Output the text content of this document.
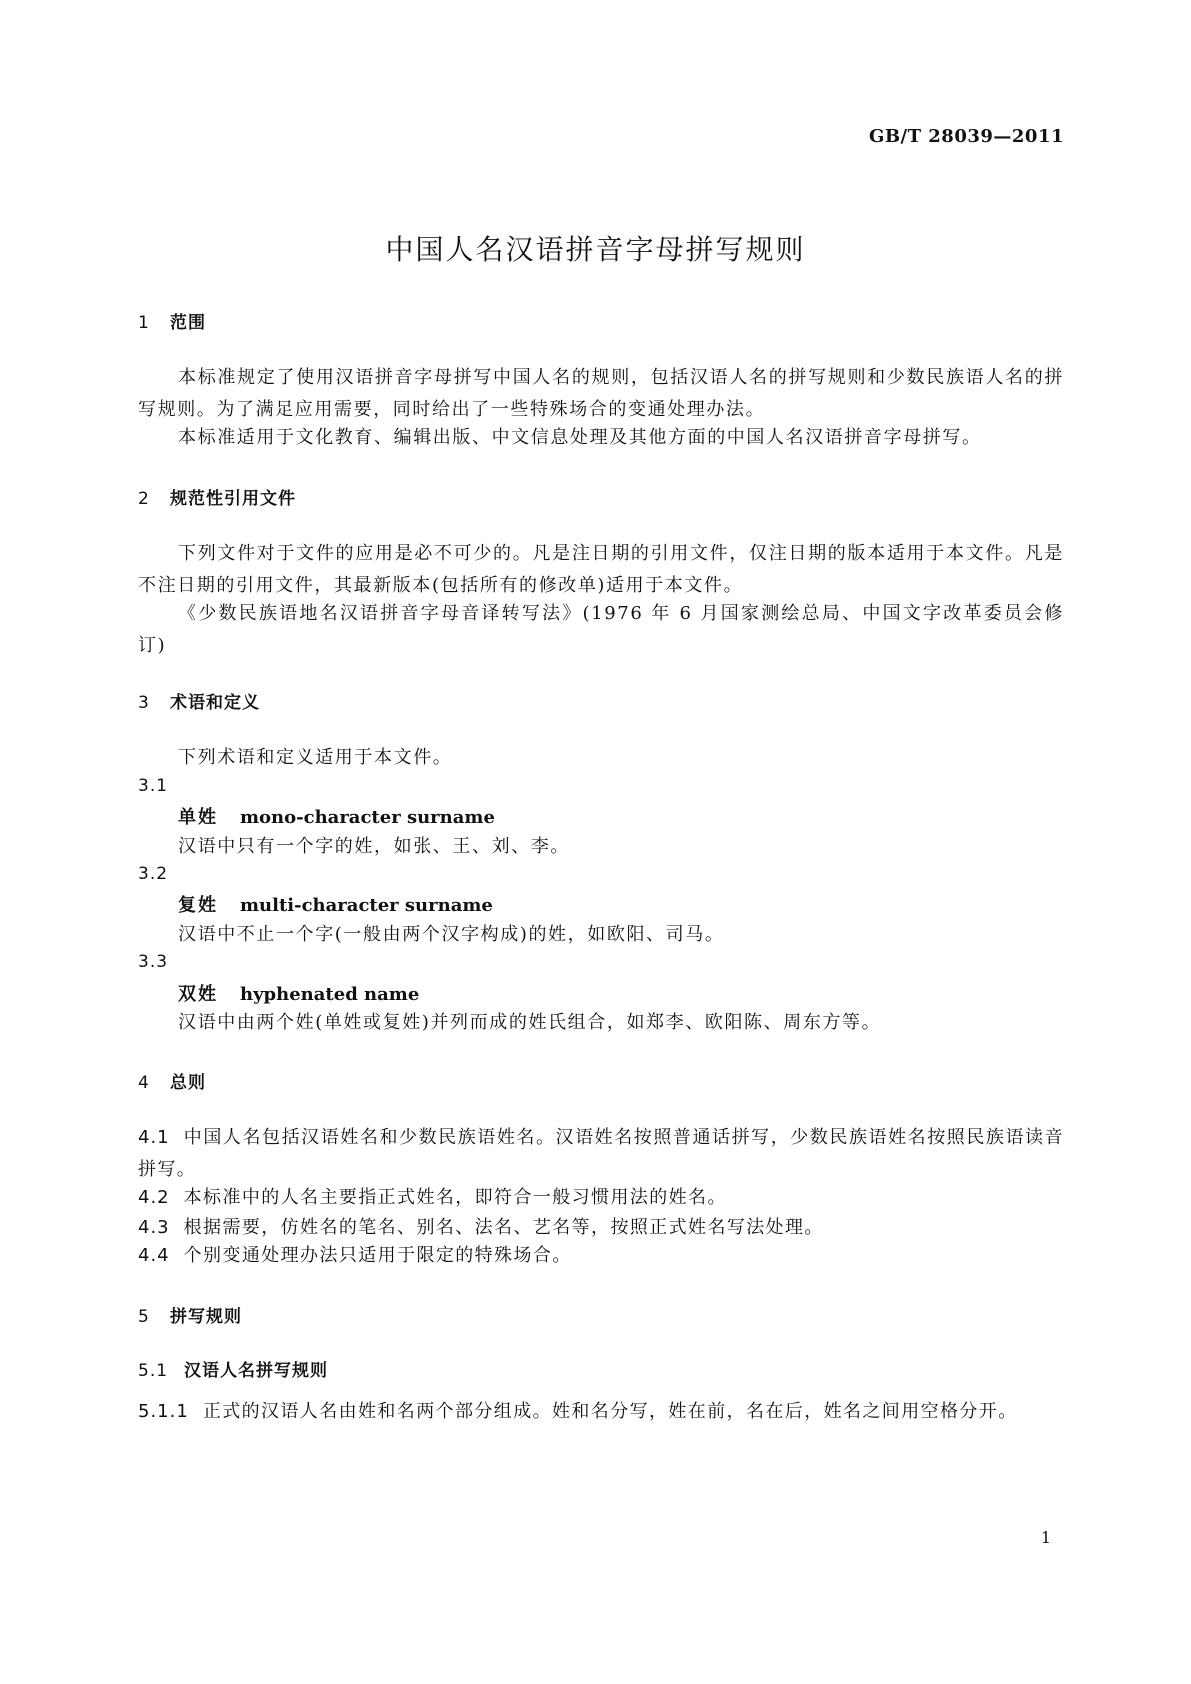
GB/T 28039—2011
中国人名汉语拼音字母拼写规则
1 范围
本标准规定了使用汉语拼音字母拼写中国人名的规则，包括汉语人名的拼写规则和少数民族语人名的拼写规则。为了满足应用需要，同时给出了一些特殊场合的变通处理办法。
本标准适用于文化教育、编辑出版、中文信息处理及其他方面的中国人名汉语拼音字母拼写。
2 规范性引用文件
下列文件对于文件的应用是必不可少的。凡是注日期的引用文件，仅注日期的版本适用于本文件。凡是不注日期的引用文件，其最新版本(包括所有的修改单)适用于本文件。
《少数民族语地名汉语拼音字母音译转写法》(1976 年 6 月国家测绘总局、中国文字改革委员会修订)
3 术语和定义
下列术语和定义适用于本文件。
3.1
单姓 mono-character surname
汉语中只有一个字的姓，如张、王、刘、李。
3.2
复姓 multi-character surname
汉语中不止一个字(一般由两个汉字构成)的姓，如欧阳、司马。
3.3
双姓 hyphenated name
汉语中由两个姓(单姓或复姓)并列而成的姓氏组合，如郑李、欧阳陈、周东方等。
4 总则
4.1 中国人名包括汉语姓名和少数民族语姓名。汉语姓名按照普通话拼写，少数民族语姓名按照民族语读音拼写。
4.2 本标准中的人名主要指正式姓名，即符合一般习惯用法的姓名。
4.3 根据需要，仿姓名的笔名、别名、法名、艺名等，按照正式姓名写法处理。
4.4 个别变通处理办法只适用于限定的特殊场合。
5 拼写规则
5.1 汉语人名拼写规则
5.1.1 正式的汉语人名由姓和名两个部分组成。姓和名分写，姓在前，名在后，姓名之间用空格分开。
1
